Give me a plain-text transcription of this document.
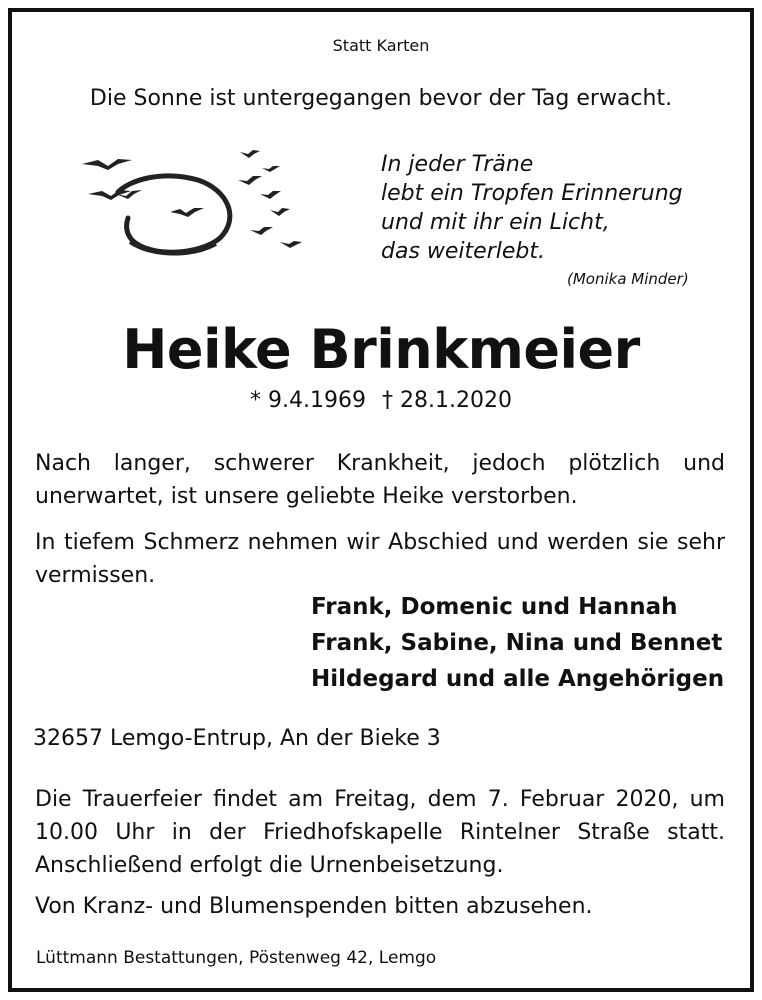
Statt Karten
Die Sonne ist untergegangen bevor der Tag erwacht.
In jeder Träne
lebt ein Tropfen Erinnerung
und mit ihr ein Licht,
das weiterlebt.
(Monika Minder)
Heike Brinkmeier
* 9.4.1969 † 28.1.2020
Nach langer, schwerer Krankheit, jedoch plötzlich und unerwartet, ist unsere geliebte Heike verstorben.
In tiefem Schmerz nehmen wir Abschied und werden sie sehr vermissen.
Frank, Domenic und Hannah
Frank, Sabine, Nina und Bennet
Hildegard und alle Angehörigen
32657 Lemgo-Entrup, An der Bieke 3
Die Trauerfeier findet am Freitag, dem 7. Februar 2020, um 10.00 Uhr in der Friedhofskapelle Rintelner Straße statt. Anschließend erfolgt die Urnenbeisetzung.
Von Kranz- und Blumenspenden bitten abzusehen.
Lüttmann Bestattungen, Pöstenweg 42, Lemgo
